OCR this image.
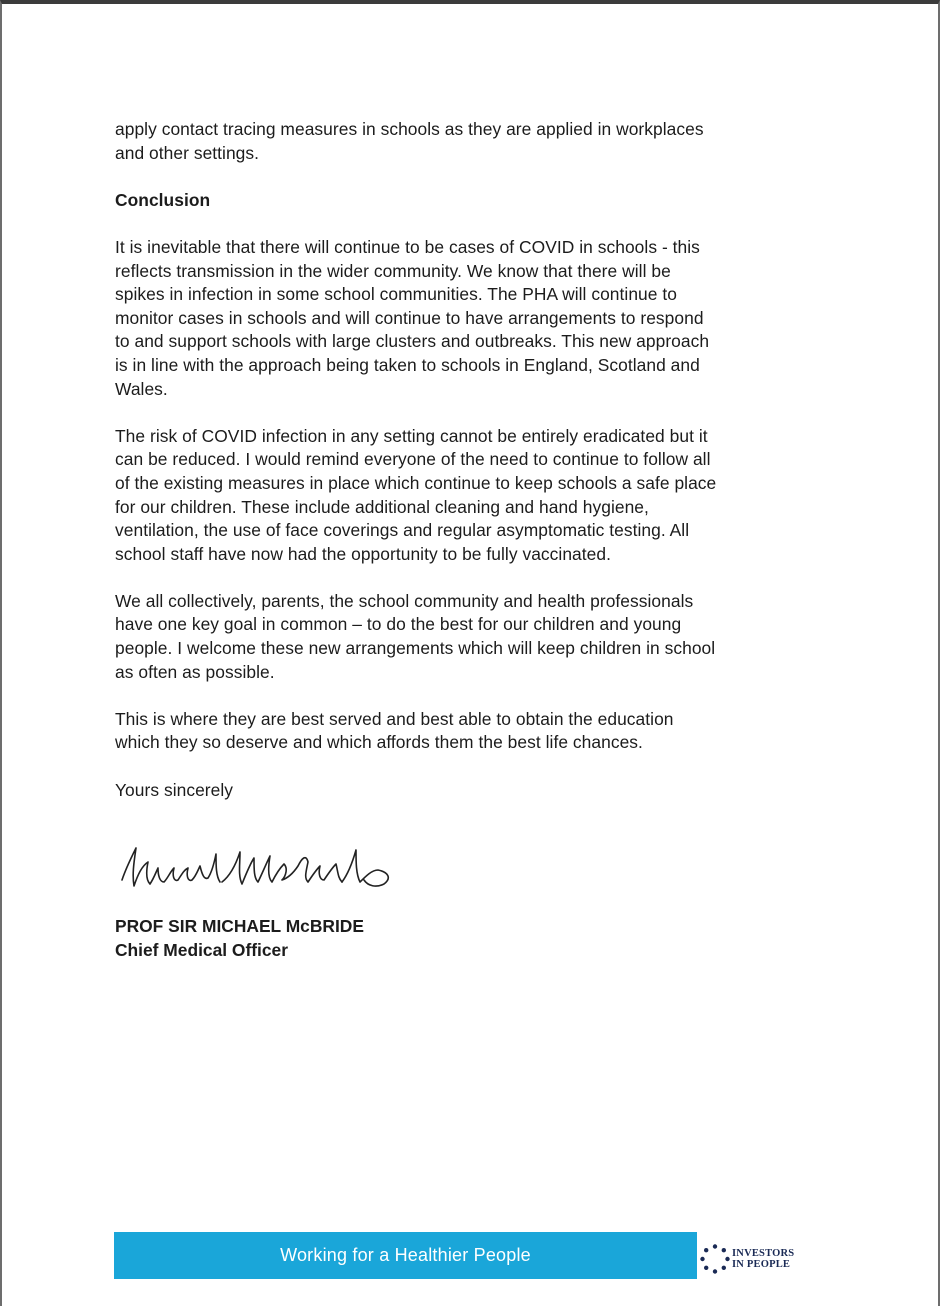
apply contact tracing measures in schools as they are applied in workplaces
and other settings.

Conclusion

It is inevitable that there will continue to be cases of COVID in schools - this
reflects transmission in the wider community. We know that there will be
spikes in infection in some school communities. The PHA will continue to
monitor cases in schools and will continue to have arrangements to respond
to and support schools with large clusters and outbreaks. This new approach
is in line with the approach being taken to schools in England, Scotland and
Wales.

The risk of COVID infection in any setting cannot be entirely eradicated but it
can be reduced. I would remind everyone of the need to continue to follow all
of the existing measures in place which continue to keep schools a safe place
for our children. These include additional cleaning and hand hygiene,
ventilation, the use of face coverings and regular asymptomatic testing. All
school staff have now had the opportunity to be fully vaccinated.

We all collectively, parents, the school community and health professionals
have one key goal in common – to do the best for our children and young
people. I welcome these new arrangements which will keep children in school
as often as possible.

This is where they are best served and best able to obtain the education
which they so deserve and which affords them the best life chances.

Yours sincerely

PROF SIR MICHAEL McBRIDE

Chief Medical Officer

Working for a Healthier People	INVESTORS
IN PEOPLE
